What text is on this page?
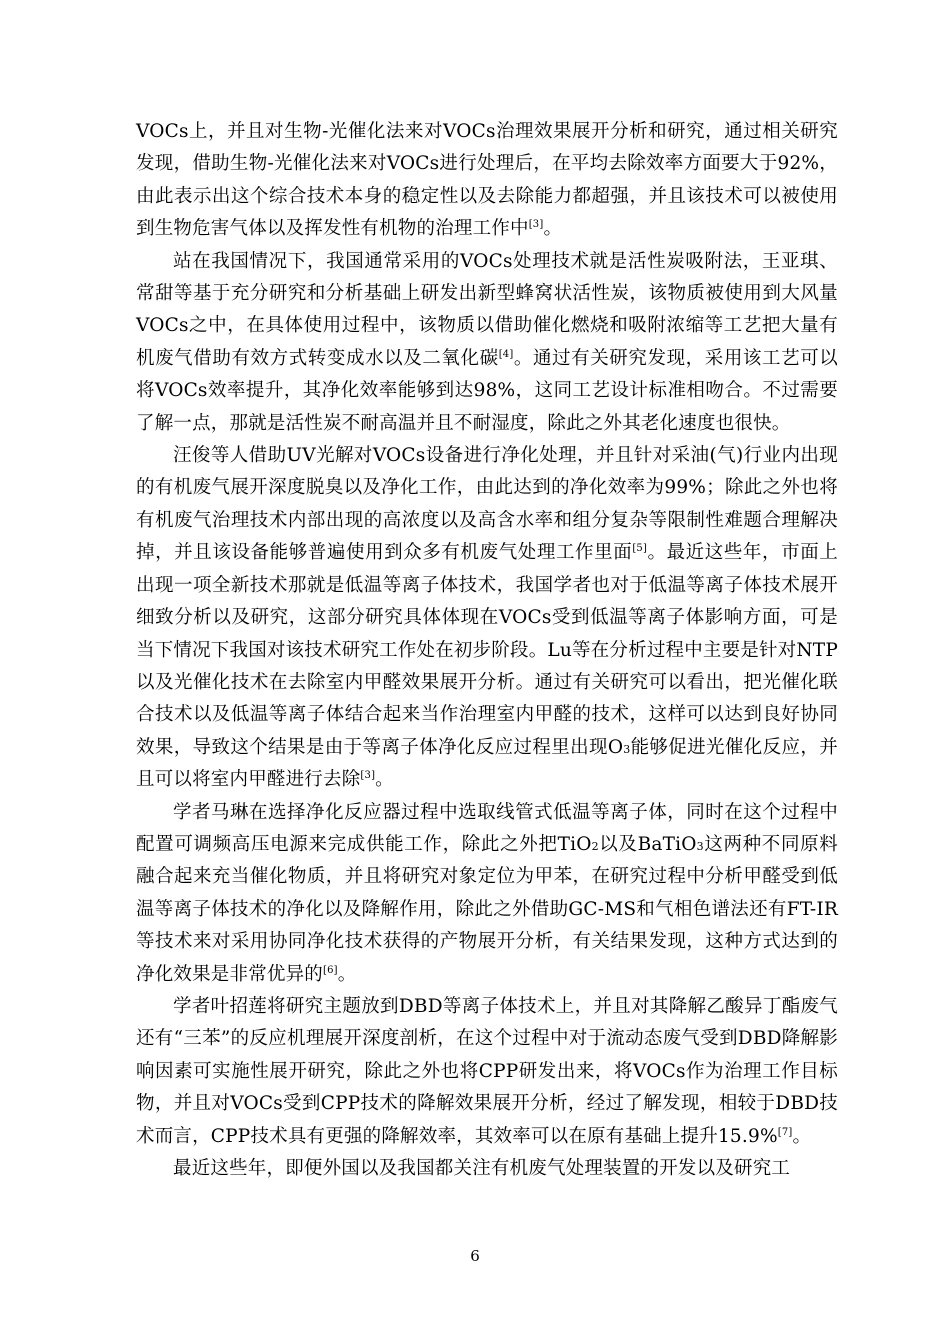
VOCs上，并且对生物-光催化法来对VOCs治理效果展开分析和研究，通过相关研究发现，借助生物-光催化法来对VOCs进行处理后，在平均去除效率方面要大于92%，由此表示出这个综合技术本身的稳定性以及去除能力都超强，并且该技术可以被使用到生物危害气体以及挥发性有机物的治理工作中[3]。

站在我国情况下，我国通常采用的VOCs处理技术就是活性炭吸附法，王亚琪、常甜等基于充分研究和分析基础上研发出新型蜂窝状活性炭，该物质被使用到大风量VOCs之中，在具体使用过程中，该物质以借助催化燃烧和吸附浓缩等工艺把大量有机废气借助有效方式转变成水以及二氧化碳[4]。通过有关研究发现，采用该工艺可以将VOCs效率提升，其净化效率能够到达98%，这同工艺设计标准相吻合。不过需要了解一点，那就是活性炭不耐高温并且不耐湿度，除此之外其老化速度也很快。

汪俊等人借助UV光解对VOCs设备进行净化处理，并且针对采油(气)行业内出现的有机废气展开深度脱臭以及净化工作，由此达到的净化效率为99%；除此之外也将有机废气治理技术内部出现的高浓度以及高含水率和组分复杂等限制性难题合理解决掉，并且该设备能够普遍使用到众多有机废气处理工作里面[5]。最近这些年，市面上出现一项全新技术那就是低温等离子体技术，我国学者也对于低温等离子体技术展开细致分析以及研究，这部分研究具体体现在VOCs受到低温等离子体影响方面，可是当下情况下我国对该技术研究工作处在初步阶段。Lu等在分析过程中主要是针对NTP以及光催化技术在去除室内甲醛效果展开分析。通过有关研究可以看出，把光催化联合技术以及低温等离子体结合起来当作治理室内甲醛的技术，这样可以达到良好协同效果，导致这个结果是由于等离子体净化反应过程里出现$O_3$能够促进光催化反应，并且可以将室内甲醛进行去除[3]。

学者马琳在选择净化反应器过程中选取线管式低温等离子体，同时在这个过程中配置可调频高压电源来完成供能工作，除此之外把TiO$_2$以及BaTiO$_3$这两种不同原料融合起来充当催化物质，并且将研究对象定位为甲苯，在研究过程中分析甲醛受到低温等离子体技术的净化以及降解作用，除此之外借助GC-MS和气相色谱法还有FT-IR等技术来对采用协同净化技术获得的产物展开分析，有关结果发现，这种方式达到的净化效果是非常优异的[6]。

学者叶招莲将研究主题放到DBD等离子体技术上，并且对其降解乙酸异丁酯废气还有“三苯”的反应机理展开深度剖析，在这个过程中对于流动态废气受到DBD降解影响因素可实施性展开研究，除此之外也将CPP研发出来，将VOCs作为治理工作目标物，并且对VOCs受到CPP技术的降解效果展开分析，经过了解发现，相较于DBD技术而言，CPP技术具有更强的降解效率，其效率可以在原有基础上提升15.9%[7]。

最近这些年，即便外国以及我国都关注有机废气处理装置的开发以及研究工

6
